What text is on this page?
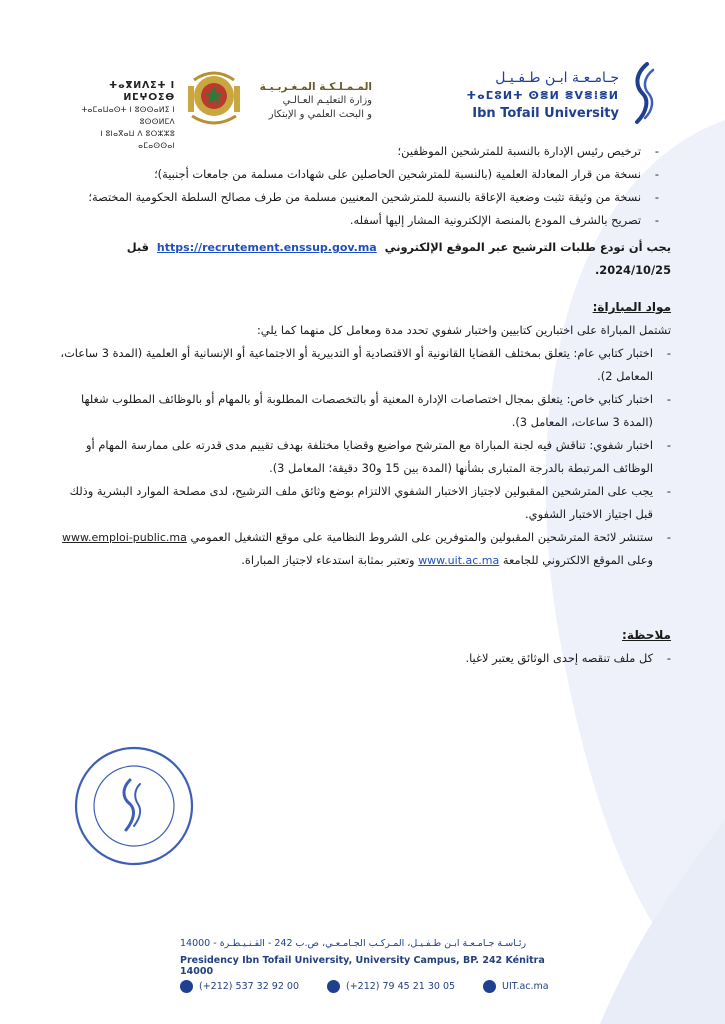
جـامـعـة ابـن طـفـيـل
ⵜⴰⵎⵓⵍⵜ ⵙⴻⵍ ⴻⴸⴻⵂⴻⵍ
Ibn Tofail University
المـمـلـكـة المـغـربـيـة
وزارة التعليـم العـالـي
و البحث العلمي و الإبتكار
ⵜⴰⴳⵍⴷⵉⵜ ⵏ ⵍⵎⵖⵔⵉⴱ
ⵜⴰⵎⴰⵡⴰⵙⵜ ⵏ ⵓⵙⵙⴰⵍⵉ ⵏ ⵓⵙⵙⵍⵎⴷ
ⵏ ⵓⵏⴰⴳⴰⵡ ⴷ ⵓⵔⵣⵣⵓ ⴰⵎⴰⵙⵙⴰⵏ

-	ترخيص رئيس الإدارة بالنسبة للمترشحين الموظفين؛

- نسخة من قرار المعادلة العلمية (بالنسبة للمترشحين الحاصلين على شهادات مسلمة من جامعات أجنبية)؛

- نسخة من وثيقة تثبت وضعية الإعاقة بالنسبة للمترشحين المعنيين مسلمة من طرف مصالح السلطة الحكومية المختصة؛

- تصريح بالشرف المودع بالمنصة الإلكترونية المشار إليها أسفله.

يجب أن تودع طلبات الترشيح عبر الموقع الإلكتروني  https://recrutement.enssup.gov.ma  قبل 2024/10/25.

مواد المباراة:

تشتمل المباراة على اختبارين كتابيين واختبار شفوي تحدد مدة ومعامل كل منهما كما يلي:

- اختبار كتابي عام: يتعلق بمختلف القضايا القانونية أو الاقتصادية أو التدبيرية أو الاجتماعية أو الإنسانية أو العلمية (المدة 3 ساعات، المعامل 2).

- اختبار كتابي خاص: يتعلق بمجال اختصاصات الإدارة المعنية أو بالتخصصات المطلوبة أو بالمهام أو بالوظائف المطلوب شغلها (المدة 3 ساعات، المعامل 3).

- اختبار شفوي: تناقش فيه لجنة المباراة مع المترشح مواضيع وقضايا مختلفة بهدف تقييم مدى قدرته على ممارسة المهام أو الوظائف المرتبطة بالدرجة المتبارى بشأنها (المدة بين 15 و30 دقيقة؛ المعامل 3).

- يجب على المترشحين المقبولين لاجتياز الاختبار الشفوي الالتزام بوضع وثائق ملف الترشيح، لدى مصلحة الموارد البشرية وذلك قبل اجتياز الاختبار الشفوي.

- ستنشر لائحة المترشحين المقبولين والمتوفرين على الشروط النظامية على موقع التشغيل العمومي www.emploi-public.ma وعلى الموقع الالكتروني للجامعة www.uit.ac.ma وتعتبر بمثابة استدعاء لاجتياز المباراة.

ملاحظة:

- كل ملف تنقصه إحدى الوثائق يعتبر لاغيا.

رئـاسـة جـامـعـة ابـن طـفـيـل، المـركـب الجـامـعـي، ص.ب 242 - القـنـيـطـرة - 14000
Presidency Ibn Tofail University, University Campus, BP. 242 Kénitra 14000
(+212) 537 32 92 00	(+212) 79 45 21 30 05	UIT.ac.ma
